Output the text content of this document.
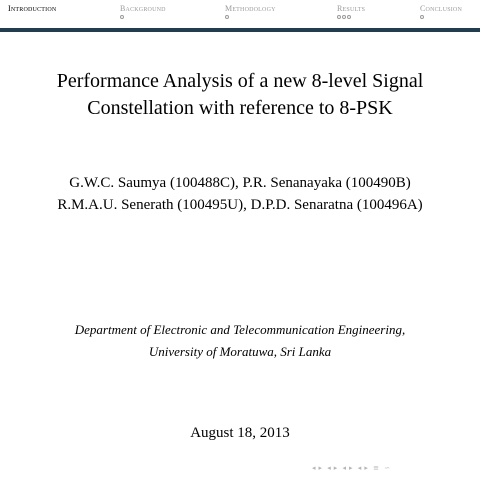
Introduction	Background	Methodology	Results	Conclusion
Performance Analysis of a new 8-level Signal
Constellation with reference to 8-PSK
G.W.C. Saumya (100488C), P.R. Senanayaka (100490B)
R.M.A.U. Senerath (100495U), D.P.D. Senaratna (100496A)
Department of Electronic and Telecommunication Engineering,
University of Moratuwa, Sri Lanka
August 18, 2013
◂ ▸ ◂ ▸ ◂ ▸ ◂ ▸ ≡ ∽
